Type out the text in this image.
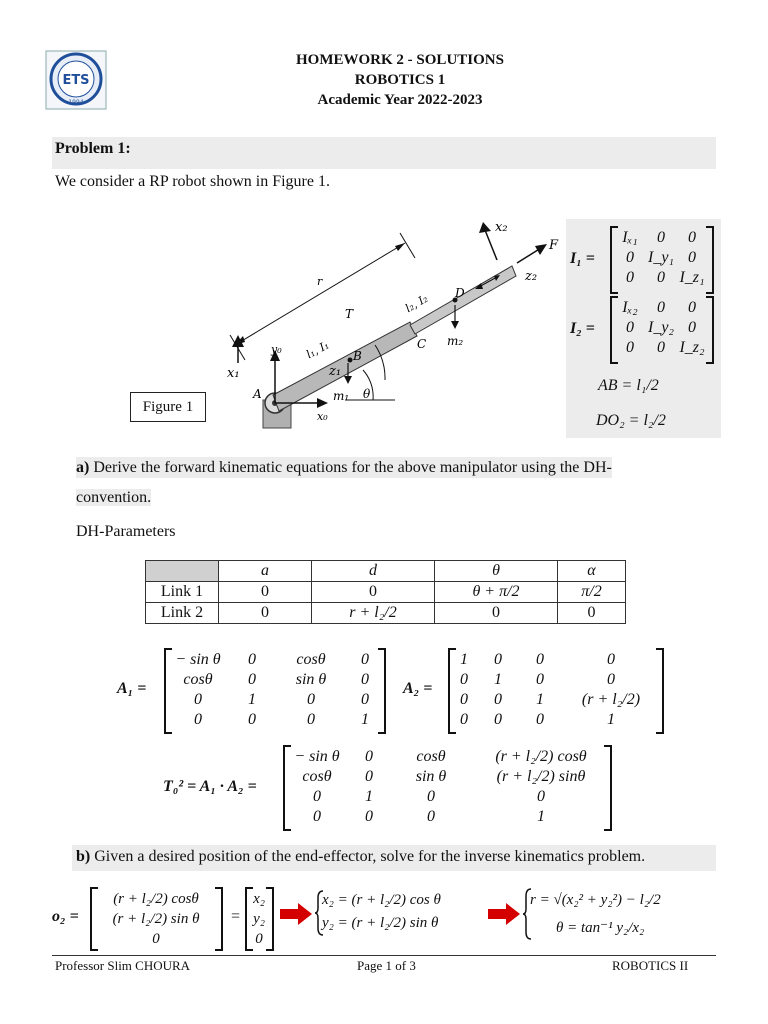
ETS
1994
HOMEWORK 2 - SOLUTIONS
ROBOTICS 1
Academic Year 2022-2023
Problem 1:
We consider a RP robot shown in Figure 1.
r
x₁
y₀
x₀
A
z₁
B
m₁
l₁, I₁
θ
T
C
l₂, I₂ D
m₂
x₂
F
z₂
Figure 1
I₁ =
Iₓ₁	0	0
0 I_y₁ 0
0	0 I_z₁
I₂ =
Iₓ₂	0	0
0 I_y₂ 0
0	0 I_z₂
AB = l₁/2
DO₂ = l₂/2
a) Derive the forward kinematic equations for the above manipulator using the DH-
convention.
DH-Parameters
	a	d	θ	α
Link 1	0	0	θ + π/2	π/2
Link 2	0	r + l₂/2	0	0
A₁ =
− sin θ	0	cosθ	0
cosθ	0	sin θ	0
0	1	0	0
0	0	0	1
A₂ =
1	0	0	0
0	1	0	0
0	0	1	(r + l₂/2)
0	0	0	1
T₀² = A₁ · A₂ =
− sin θ	0	cosθ	(r + l₂/2) cosθ
cosθ	0	sin θ	(r + l₂/2) sinθ
0	1	0	0
0	0	0	1
b) Given a desired position of the end-effector, solve for the inverse kinematics problem.
o₂ =
(r + l₂/2) cosθ
(r + l₂/2) sin θ
0
=
x₂
y₂
0
x₂ = (r + l₂/2) cos θ
y₂ = (r + l₂/2) sin θ
r = √(x₂² + y₂²) − l₂/2
θ = tan⁻¹ y₂/x₂
Professor Slim CHOURA	Page 1 of 3	ROBOTICS II
